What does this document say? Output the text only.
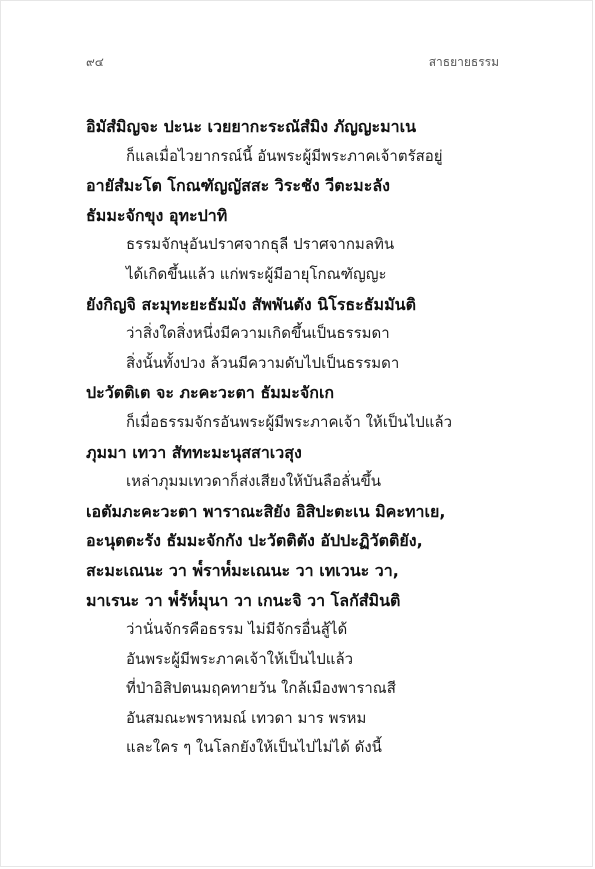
๙๔	สาธยายธรรม
อิมัสํมิญจะ ปะนะ เวยยากะระณัสํมิง ภัญญะมาเน
ก็แลเมื่อไวยากรณ์นี้ อันพระผู้มีพระภาคเจ้าตรัสอยู่
อายัสํมะโต โกณฑัญญัสสะ วิระชัง วีตะมะลัง
ธัมมะจักขุง อุทะปาทิ
ธรรมจักษุอันปราศจากธุลี ปราศจากมลทิน
ได้เกิดขึ้นแล้ว แก่พระผู้มีอายุโกณฑัญญะ
ยังกิญจิ สะมุทะยะธัมมัง สัพพันตัง นิโรธะธัมมันติ
ว่าสิ่งใดสิ่งหนึ่งมีความเกิดขึ้นเป็นธรรมดา
สิ่งนั้นทั้งปวง ล้วนมีความดับไปเป็นธรรมดา
ปะวัตติเต จะ ภะคะวะตา ธัมมะจักเก
ก็เมื่อธรรมจักรอันพระผู้มีพระภาคเจ้า ให้เป็นไปแล้ว
ภุมมา เทวา สัททะมะนุสสาเวสุง
เหล่าภุมมเทวดาก็ส่งเสียงให้บันลือลั่นขึ้น
เอตัมภะคะวะตา พาราณะสิยัง อิสิปะตะเน มิคะทาเย,
อะนุตตะรัง ธัมมะจักกัง ปะวัตติตัง อัปปะฏิวัตติยัง,
สะมะเณนะ วา พ๎ราห๎มะเณนะ วา เทเวนะ วา,
มาเรนะ วา พ๎รัห๎มุนา วา เกนะจิ วา โลกัสํมินติ
ว่านั่นจักรคือธรรม ไม่มีจักรอื่นสู้ได้
อันพระผู้มีพระภาคเจ้าให้เป็นไปแล้ว
ที่ป่าอิสิปตนมฤคทายวัน ใกล้เมืองพาราณสี
อันสมณะพราหมณ์ เทวดา มาร พรหม
และใคร ๆ ในโลกยังให้เป็นไปไม่ได้ ดังนี้
